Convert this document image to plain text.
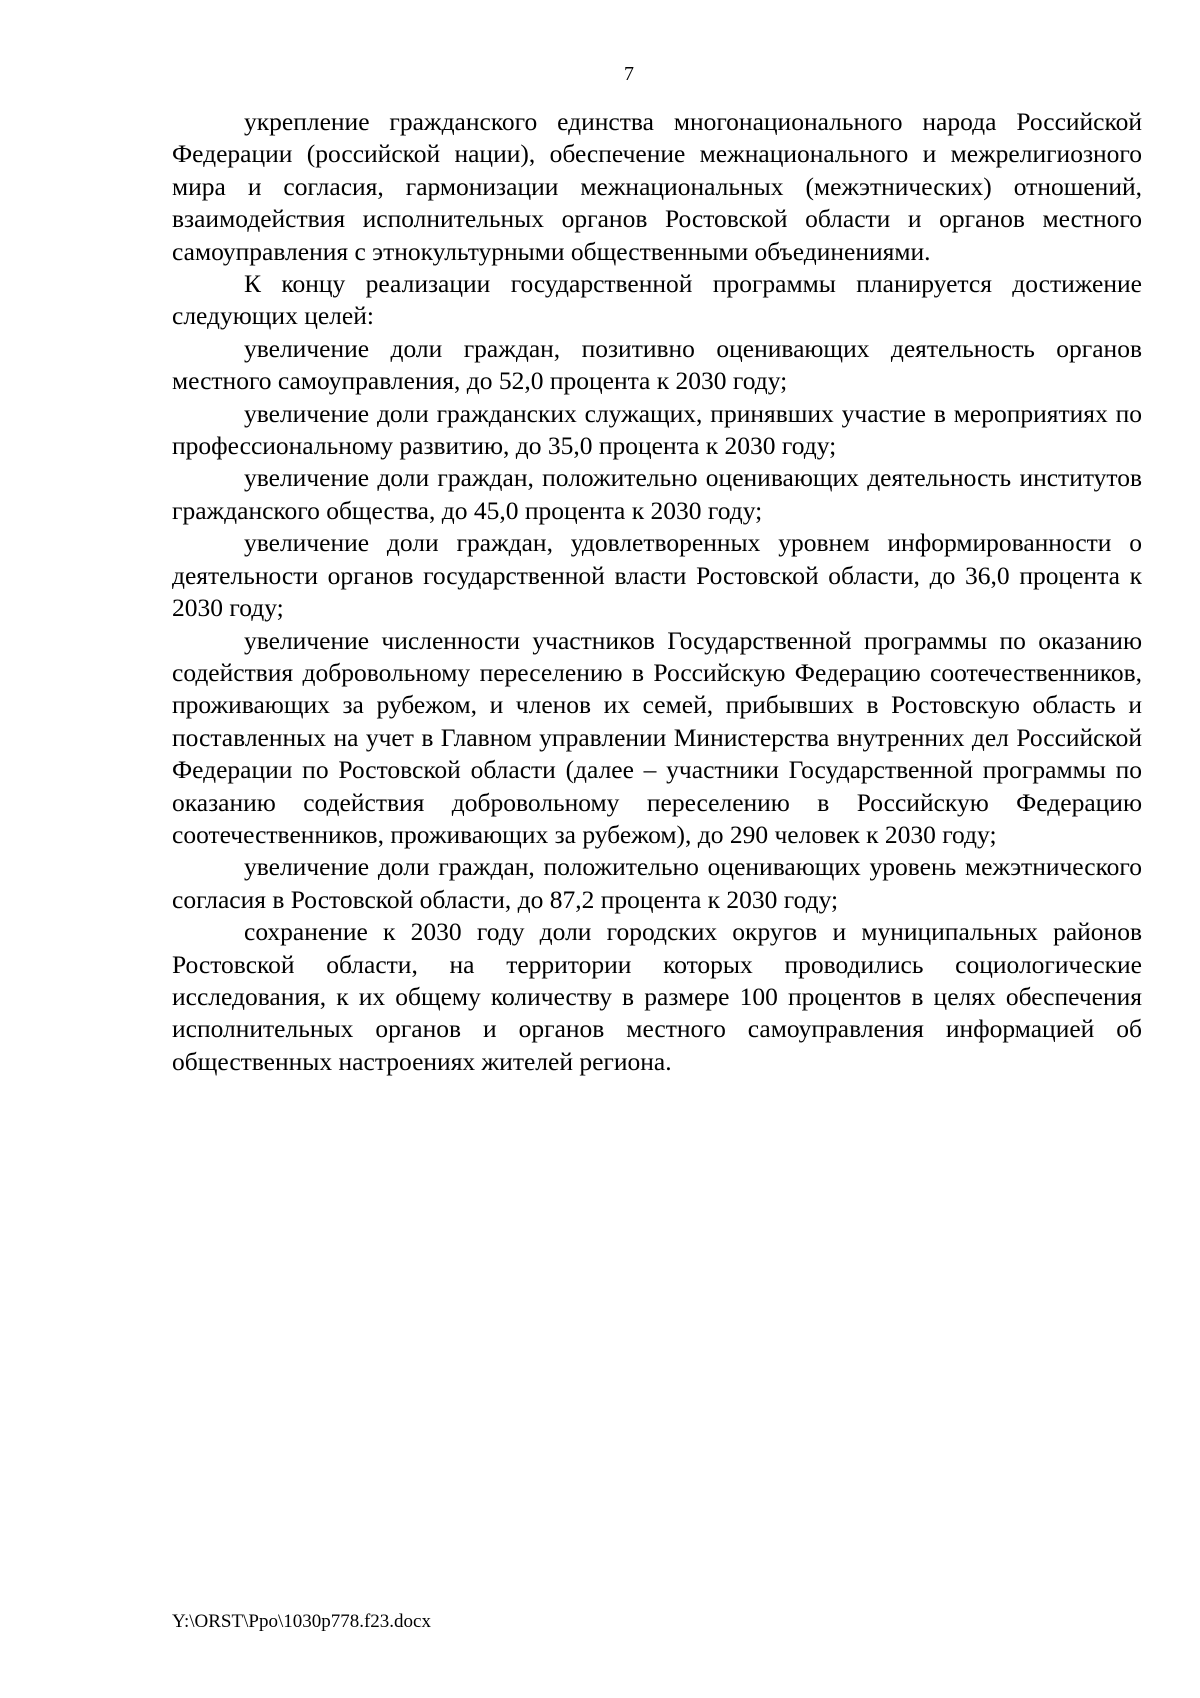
7

укрепление гражданского единства многонационального народа Российской Федерации (российской нации), обеспечение межнационального и межрелигиозного мира и согласия, гармонизации межнациональных (межэтнических) отношений, взаимодействия исполнительных органов Ростовской области и органов местного самоуправления с этнокультурными общественными объединениями.

К концу реализации государственной программы планируется достижение следующих целей:

увеличение доли граждан, позитивно оценивающих деятельность органов местного самоуправления, до 52,0 процента к 2030 году;

увеличение доли гражданских служащих, принявших участие в мероприятиях по профессиональному развитию, до 35,0 процента к 2030 году;

увеличение доли граждан, положительно оценивающих деятельность институтов гражданского общества, до 45,0 процента к 2030 году;

увеличение доли граждан, удовлетворенных уровнем информированности о деятельности органов государственной власти Ростовской области, до 36,0 процента к 2030 году;

увеличение численности участников Государственной программы по оказанию содействия добровольному переселению в Российскую Федерацию соотечественников, проживающих за рубежом, и членов их семей, прибывших в Ростовскую область и поставленных на учет в Главном управлении Министерства внутренних дел Российской Федерации по Ростовской области (далее – участники Государственной программы по оказанию содействия добровольному переселению в Российскую Федерацию соотечественников, проживающих за рубежом), до 290 человек к 2030 году;

увеличение доли граждан, положительно оценивающих уровень межэтнического согласия в Ростовской области, до 87,2 процента к 2030 году;

сохранение к 2030 году доли городских округов и муниципальных районов Ростовской области, на территории которых проводились социологические исследования, к их общему количеству в размере 100 процентов в целях обеспечения исполнительных органов и органов местного самоуправления информацией об общественных настроениях жителей региона.

Y:\ORST\Ppo\1030p778.f23.docx
